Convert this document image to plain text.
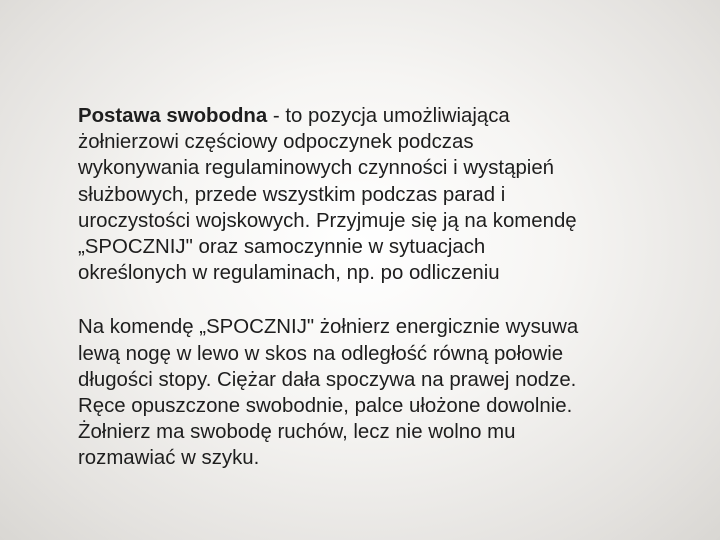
Postawa swobodna - to pozycja umożliwiająca
żołnierzowi częściowy odpoczynek podczas
wykonywania regulaminowych czynności i wystąpień
służbowych, przede wszystkim podczas parad i
uroczystości wojskowych. Przyjmuje się ją na komendę
„SPOCZNIJ" oraz samoczynnie w sytuacjach
określonych w regulaminach, np. po odliczeniu

Na komendę „SPOCZNIJ" żołnierz energicznie wysuwa
lewą nogę w lewo w skos na odległość równą połowie
długości stopy. Ciężar dała spoczywa na prawej nodze.
Ręce opuszczone swobodnie, palce ułożone dowolnie.
Żołnierz ma swobodę ruchów, lecz nie wolno mu
rozmawiać w szyku.
